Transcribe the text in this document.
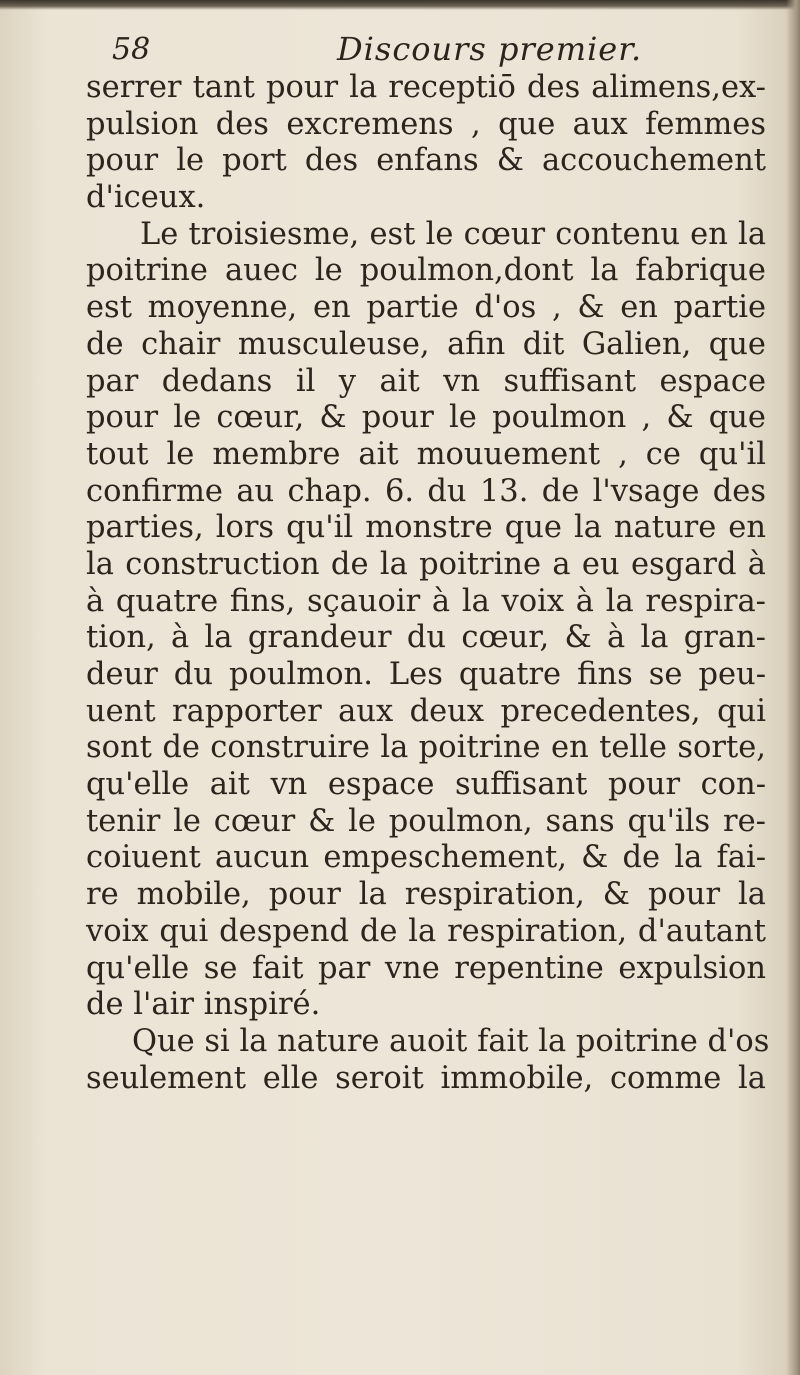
58	Discours premier.
serrer tant pour la receptiō des alimens,ex-
pulsion des excremens , que aux femmes
pour le port des enfans & accouchement
d'iceux.
Le troisiesme, est le cœur contenu en la
poitrine auec le poulmon,dont la fabrique
est moyenne, en partie d'os , & en partie
de chair musculeuse, afin dit Galien, que
par dedans il y ait vn suffisant espace
pour le cœur, & pour le poulmon , & que
tout le membre ait mouuement , ce qu'il
confirme au chap. 6. du 13. de l'vsage des
parties, lors qu'il monstre que la nature en
la construction de la poitrine a eu esgard à
à quatre fins, sçauoir à la voix à la respira-
tion, à la grandeur du cœur, & à la gran-
deur du poulmon. Les quatre fins se peu-
uent rapporter aux deux precedentes, qui
sont de construire la poitrine en telle sorte,
qu'elle ait vn espace suffisant pour con-
tenir le cœur & le poulmon, sans qu'ils re-
coiuent aucun empeschement, & de la fai-
re mobile, pour la respiration, & pour la
voix qui despend de la respiration, d'autant
qu'elle se fait par vne repentine expulsion
de l'air inspiré.
Que si la nature auoit fait la poitrine d'os
seulement elle seroit immobile, comme la
